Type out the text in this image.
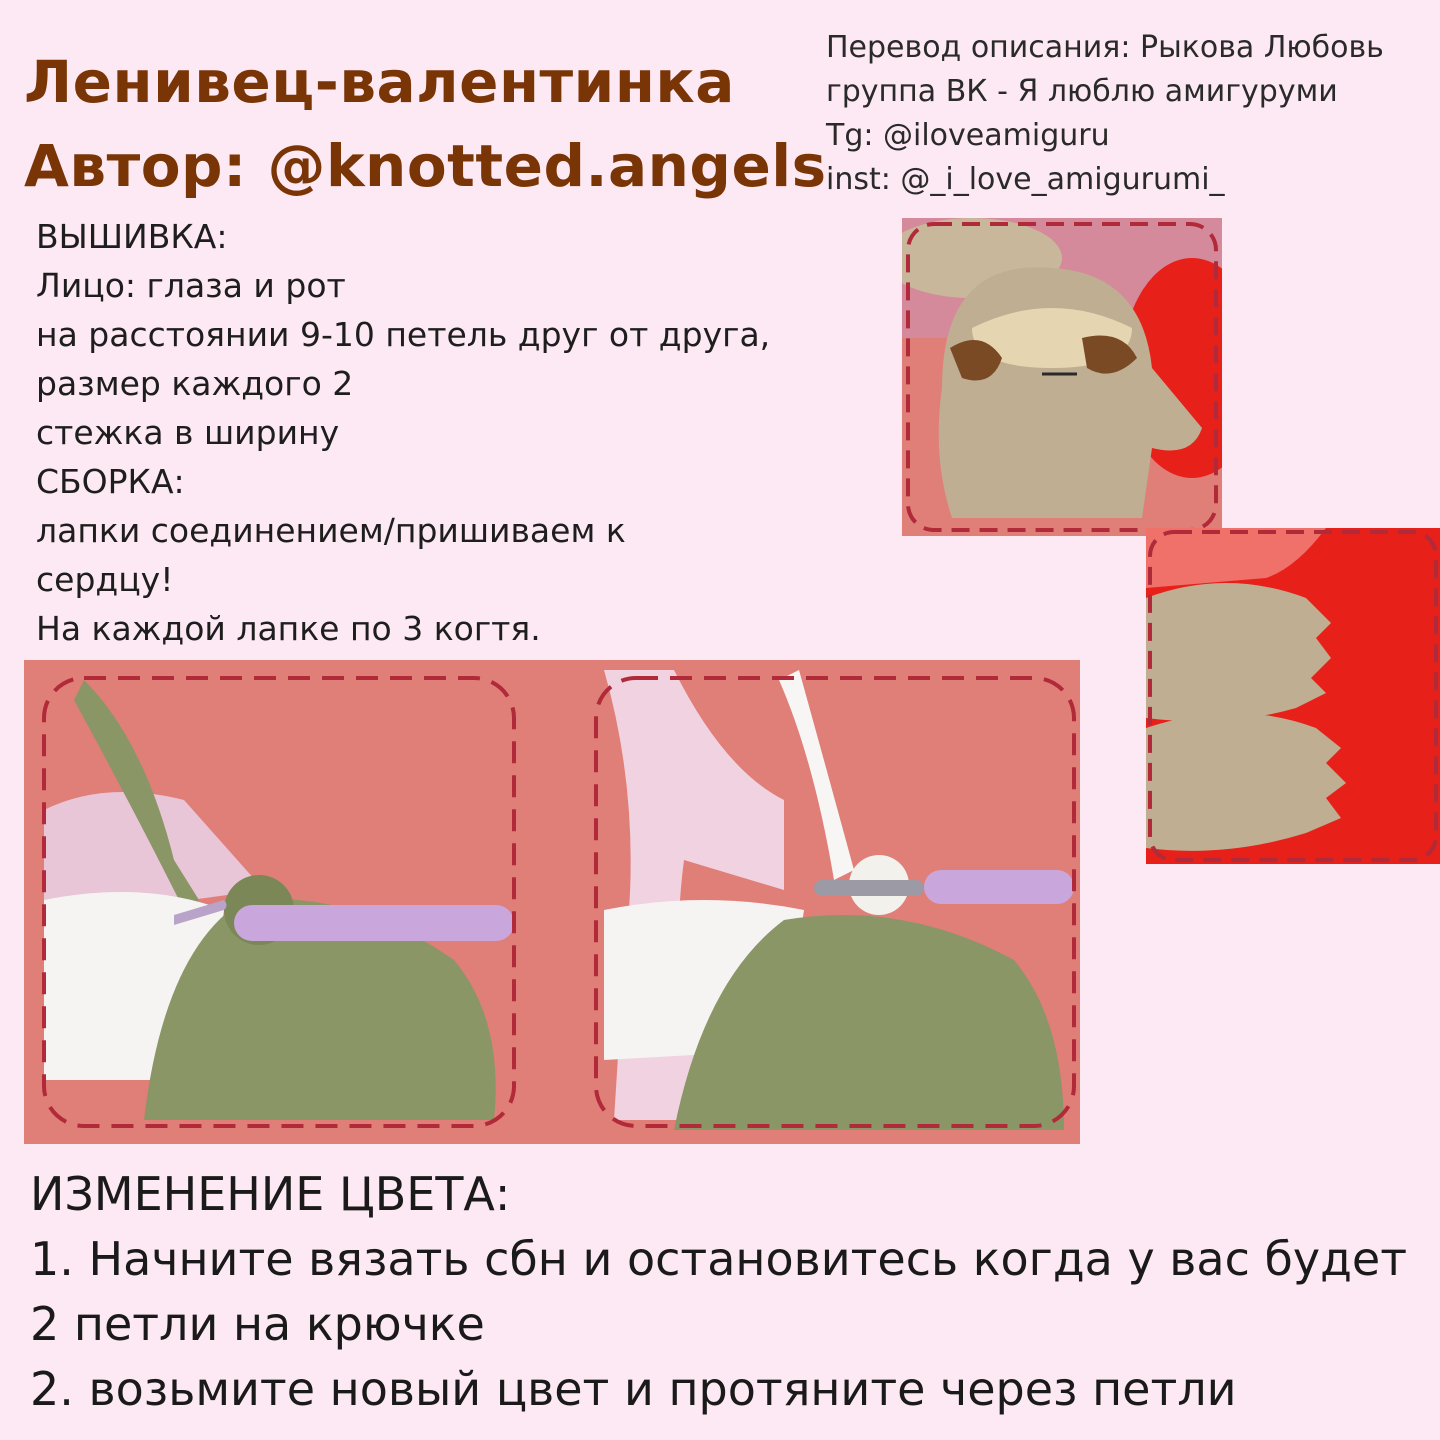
Ленивец-валентинка
Автор: @knotted.angels
Перевод описания: Рыкова Любовь
группа ВК - Я люблю амигуруми
Tg: @iloveamiguru
inst: @_i_love_amigurumi_
ВЫШИВКА:
Лицо: глаза и рот
на расстоянии 9-10 петель друг от друга,
размер каждого 2
стежка в ширину
СБОРКА:
лапки соединением/пришиваем к
сердцу!
На каждой лапке по 3 когтя.
ИЗМЕНЕНИЕ ЦВЕТА:
1. Начните вязать сбн и остановитесь когда у вас будет
2 петли на крючке
2. возьмите новый цвет и протяните через петли
